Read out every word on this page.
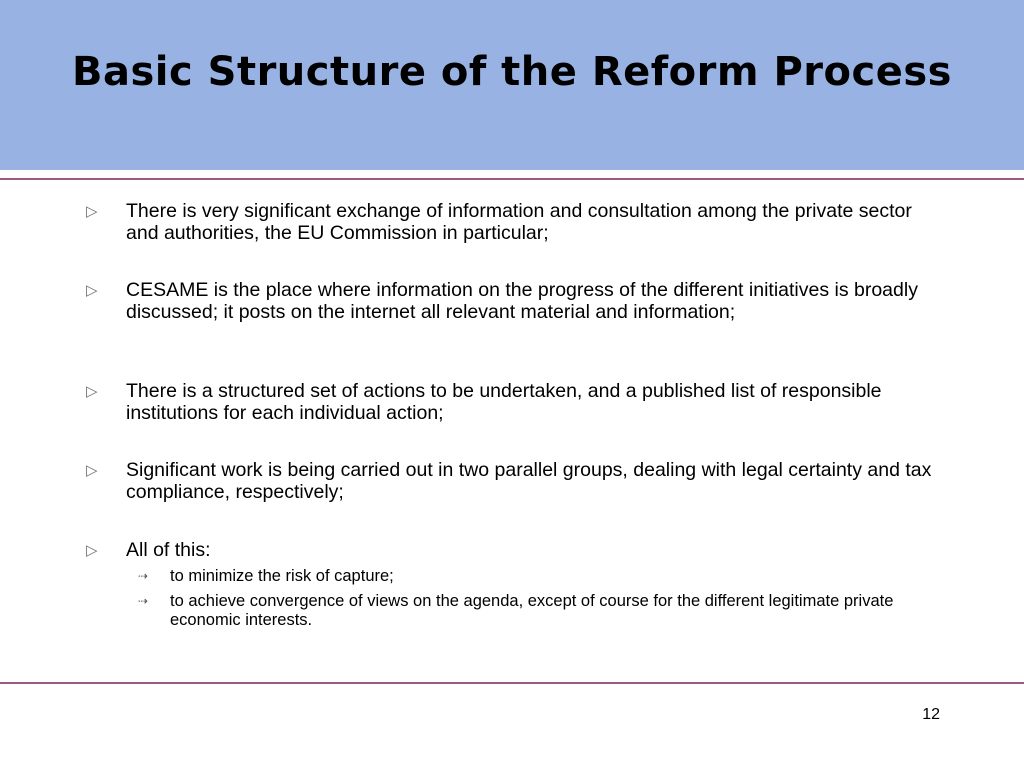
Basic Structure of the Reform Process
▷	There is very significant exchange of information and consultation among the private sector and authorities, the EU Commission in particular;
▷	CESAME is the place where information on the progress of the different initiatives is broadly discussed; it posts on the internet all relevant material and information;
▷	There is a structured set of actions to be undertaken, and a published list of responsible institutions for each individual action;
▷	Significant work is being carried out in two parallel groups, dealing with legal certainty and tax compliance, respectively;
▷	All of this:
⇢ to minimize the risk of capture;
⇢ to achieve convergence of views on the agenda, except of course for the different legitimate private economic interests.
12
